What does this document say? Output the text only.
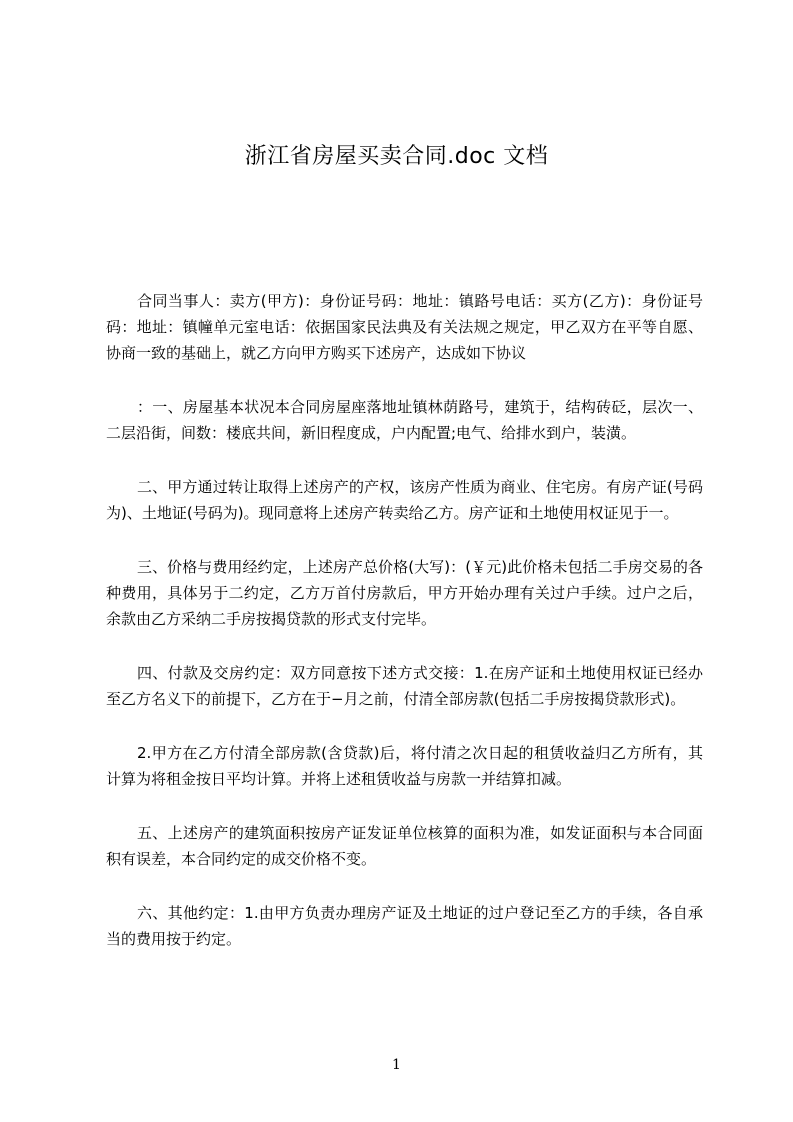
浙江省房屋买卖合同.doc 文档

合同当事人：卖方(甲方)：身份证号码：地址：镇路号电话：买方(乙方)：身份证号码：地址：镇幢单元室电话：依据国家民法典及有关法规之规定，甲乙双方在平等自愿、协商一致的基础上，就乙方向甲方购买下述房产，达成如下协议

：一、房屋基本状况本合同房屋座落地址镇林荫路号，建筑于，结构砖砭，层次一、二层沿街，间数：楼底共间，新旧程度成，户内配置;电气、给排水到户，装潢。

二、甲方通过转让取得上述房产的产权，该房产性质为商业、住宅房。有房产证(号码为)、土地证(号码为)。现同意将上述房产转卖给乙方。房产证和土地使用权证见于一。

三、价格与费用经约定，上述房产总价格(大写)：(￥元)此价格未包括二手房交易的各种费用，具体另于二约定，乙方万首付房款后，甲方开始办理有关过户手续。过户之后，余款由乙方采纳二手房按揭贷款的形式支付完毕。

四、付款及交房约定：双方同意按下述方式交接：1.在房产证和土地使用权证已经办至乙方名义下的前提下，乙方在于−月之前，付清全部房款(包括二手房按揭贷款形式)。

2.甲方在乙方付清全部房款(含贷款)后，将付清之次日起的租赁收益归乙方所有，其计算为将租金按日平均计算。并将上述租赁收益与房款一并结算扣减。

五、上述房产的建筑面积按房产证发证单位核算的面积为准，如发证面积与本合同面积有误差，本合同约定的成交价格不变。

六、其他约定：1.由甲方负责办理房产证及土地证的过户登记至乙方的手续，各自承当的费用按于约定。

1
